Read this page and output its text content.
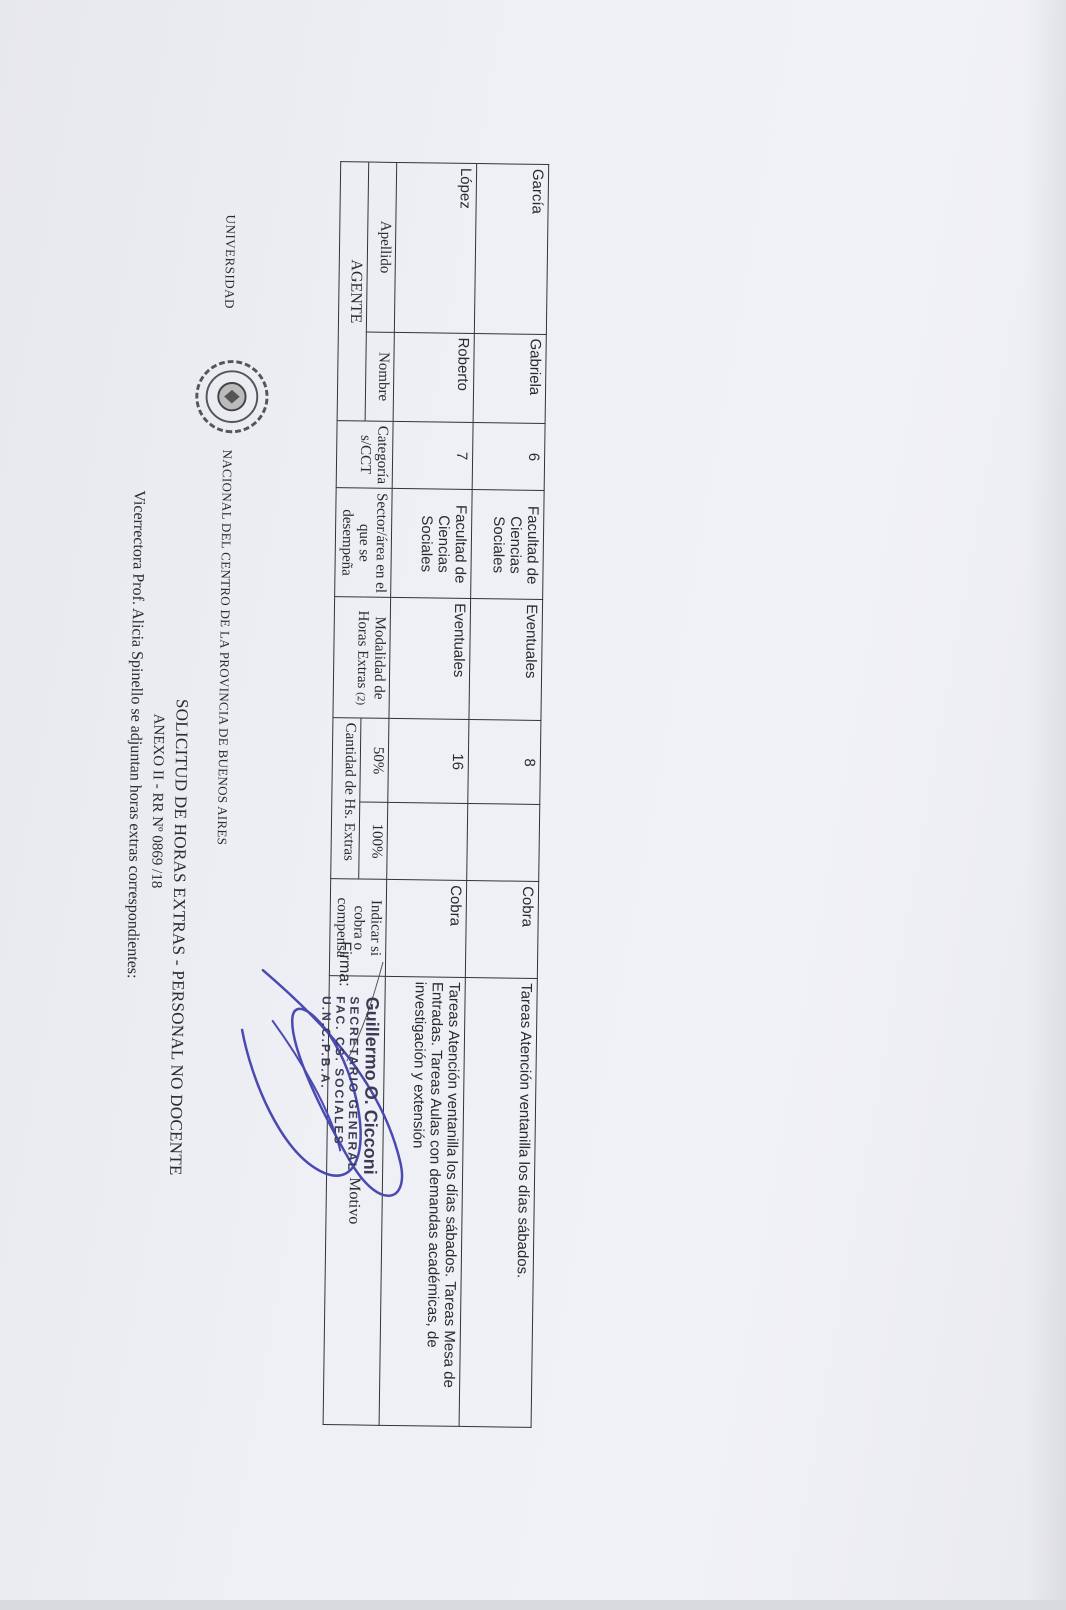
UNIVERSIDAD
NACIONAL DEL CENTRO DE LA PROVINCIA DE BUENOS AIRES
SOLICITUD DE HORAS EXTRAS - PERSONAL NO DOCENTE
ANEXO II - RR Nº 0869 /18
Vicerrectora Prof. Alicia Spinello se adjuntan horas extras correspondientes:
AGENTE		Categoría s/CCT	Sector/área en el que se desempeña	Modalidad de Horas Extras (2)	Cantidad de Hs. Extras		Indicar si cobra o compensa	Motivo
Apellido	Nombre				50%	100%		
López	Roberto	7	Facultad de Ciencias Sociales	Eventuales	16		Cobra	Tareas Atención ventanilla los días sábados. Tareas Mesa de Entradas. Tareas Aulas con demandas académicas, de investigación y extensión
García	Gabriela	6	Facultad de Ciencias Sociales	Eventuales	8		Cobra	Tareas Atención ventanilla los días sábados.
Firma:
Guillermo O. Cicconi
SECRETARIO GENERAL
FAC. CS. SOCIALES
U.N.C.P.B.A.
